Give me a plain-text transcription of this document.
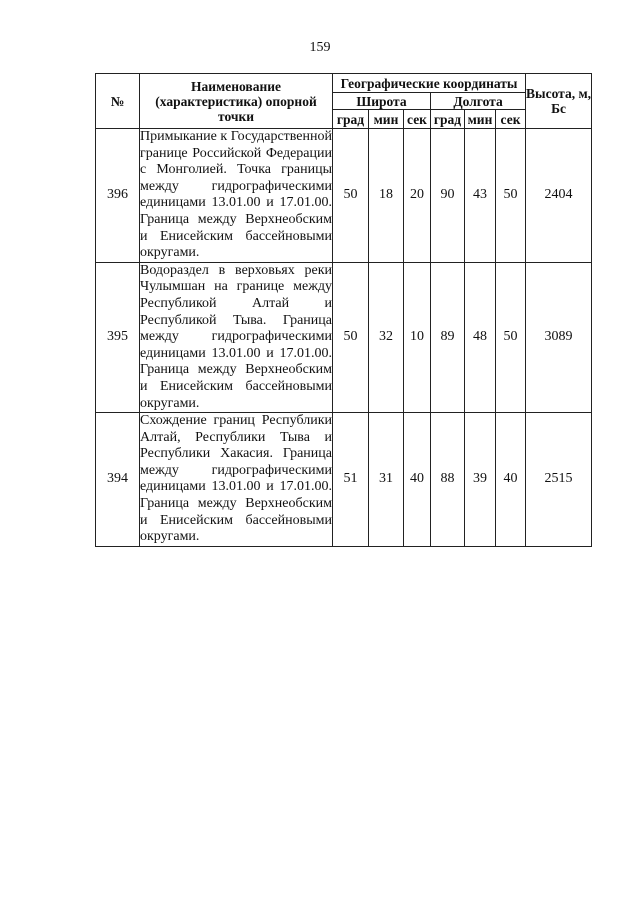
159
№	Наименование (характеристика) опорной точки	Географические координаты						Высота, м, Бс
		Широта			Долгота			
		град	мин	сек	град	мин	сек	
396	Примыкание к Государственной границе Российской Федерации с Монголией. Точка границы между гидрографическими единицами 13.01.00 и 17.01.00. Граница между Верхнеобским и Енисейским бассейновыми округами.	50	18	20	90	43	50	2404
395	Водораздел в верховьях реки Чулымшан на границе между Республикой Алтай и Республикой Тыва. Граница между гидрографическими единицами 13.01.00 и 17.01.00. Граница между Верхнеобским и Енисейским бассейновыми округами.	50	32	10	89	48	50	3089
394	Схождение границ Республики Алтай, Республики Тыва и Республики Хакасия. Граница между гидрографическими единицами 13.01.00 и 17.01.00. Граница между Верхнеобским и Енисейским бассейновыми округами.	51	31	40	88	39	40	2515
